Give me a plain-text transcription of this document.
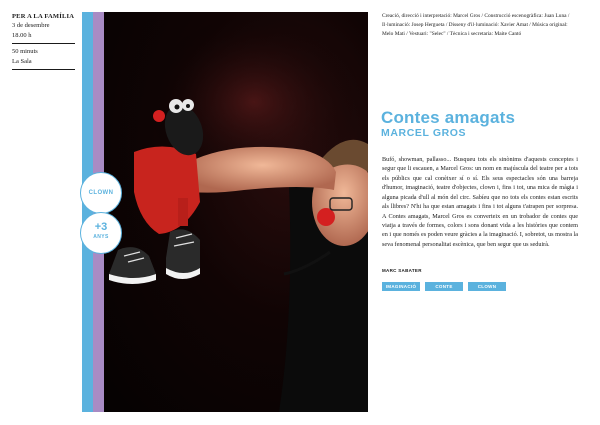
PER A LA FAMÍLIA
3 de desembre
18.00 h
50 minuts
La Sala
CLOWN
+3
ANYS
Creació, direcció i interpretació: Marcel Gros / Construcció escenogràfica: Juan Luna / Il·luminació: Josep Hergueta / Disseny d'il·luminació: Xavier Amat / Música original: Melo Mati / Vestuari: "Selec" / Tècnica i secretaria: Maite Cantó
Contes amagats
MARCEL GROS
Bufó, showman, pallasso... Busqueu tots els sinònims d'aquests conceptes i segur que li escauen, a Marcel Gros: un nom en majúscula del teatre per a tots els públics que cal conèixer sí o sí. Els seus espectacles són una barreja d'humor, imaginació, teatre d'objectes, clown i, fins i tot, una mica de màgia i alguna picada d'ull al món del circ. Sabíeu que no tots els contes estan escrits als llibres? N'hi ha que estan amagats i fins i tot alguns t'atrapen per sorpresa. A Contes amagats, Marcel Gros es converteix en un trobador de contes que viatja a través de formes, colors i sons donant vida a les històries que contem en i que només es poden veure gràcies a la imaginació. I, sobretot, us mostra la seva fenomenal personalitat escènica, que ben segur que us seduirà.
MARC SABATER
IMAGINACIÓ	CONTE	CLOWN
